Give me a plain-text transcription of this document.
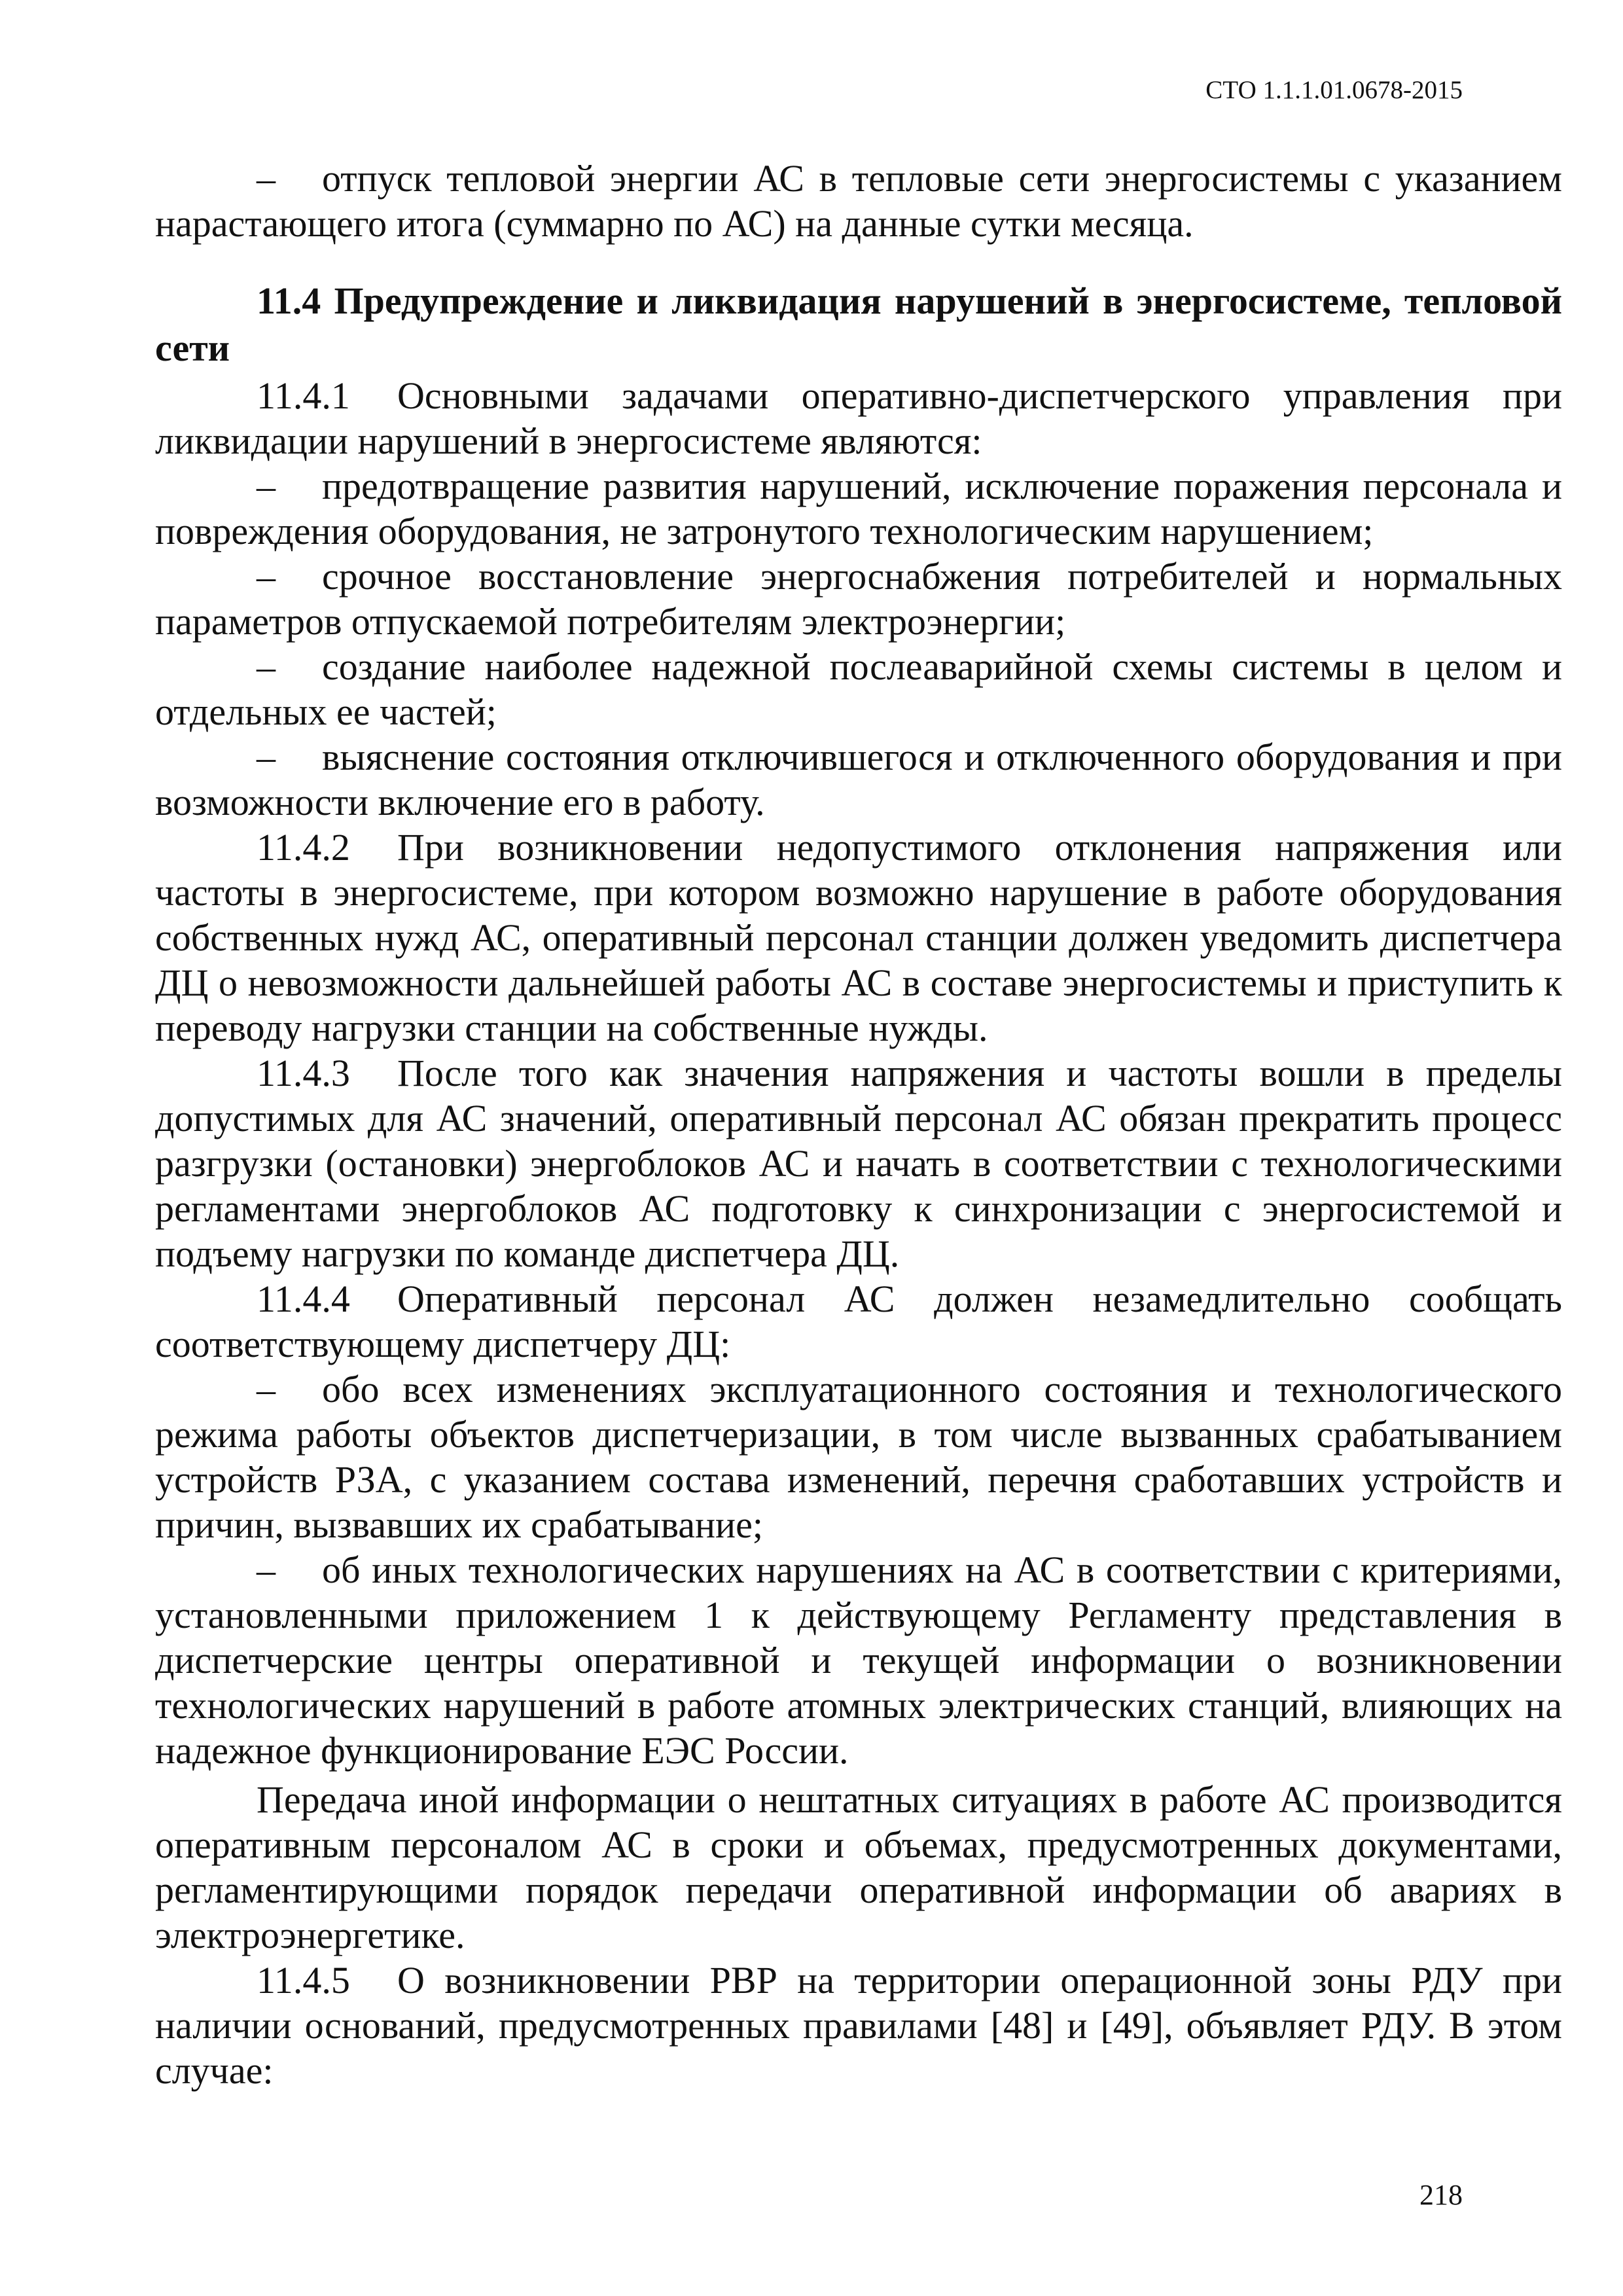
СТО 1.1.1.01.0678-2015

– отпуск тепловой энергии АС в тепловые сети энергосистемы с указанием нарастающего итога (суммарно по АС) на данные сутки месяца.

11.4 Предупреждение и ликвидация нарушений в энергосистеме, тепловой сети

11.4.1 Основными задачами оперативно-диспетчерского управления при ликвидации нарушений в энергосистеме являются:

– предотвращение развития нарушений, исключение поражения персонала и повреждения оборудования, не затронутого технологическим нарушением;

– срочное восстановление энергоснабжения потребителей и нормальных параметров отпускаемой потребителям электроэнергии;

– создание наиболее надежной послеаварийной схемы системы в целом и отдельных ее частей;

– выяснение состояния отключившегося и отключенного оборудования и при возможности включение его в работу.

11.4.2 При возникновении недопустимого отклонения напряжения или частоты в энергосистеме, при котором возможно нарушение в работе оборудования собственных нужд АС, оперативный персонал станции должен уведомить диспетчера ДЦ о невозможности дальнейшей работы АС в составе энергосистемы и приступить к переводу нагрузки станции на собственные нужды.

11.4.3 После того как значения напряжения и частоты вошли в пределы допустимых для АС значений, оперативный персонал АС обязан прекратить процесс разгрузки (остановки) энергоблоков АС и начать в соответствии с технологическими регламентами энергоблоков АС подготовку к синхронизации с энергосистемой и подъему нагрузки по команде диспетчера ДЦ.

11.4.4 Оперативный персонал АС должен незамедлительно сообщать соответствующему диспетчеру ДЦ:

– обо всех изменениях эксплуатационного состояния и технологического режима работы объектов диспетчеризации, в том числе вызванных срабатыванием устройств РЗА, с указанием состава изменений, перечня сработавших устройств и причин, вызвавших их срабатывание;

– об иных технологических нарушениях на АС в соответствии с критериями, установленными приложением 1 к действующему Регламенту представления в диспетчерские центры оперативной и текущей информации о возникновении технологических нарушений в работе атомных электрических станций, влияющих на надежное функционирование ЕЭС России.

Передача иной информации о нештатных ситуациях в работе АС производится оперативным персоналом АС в сроки и объемах, предусмотренных документами, регламентирующими порядок передачи оперативной информации об авариях в электроэнергетике.

11.4.5 О возникновении РВР на территории операционной зоны РДУ при наличии оснований, предусмотренных правилами [48] и [49], объявляет РДУ. В этом случае:

218
